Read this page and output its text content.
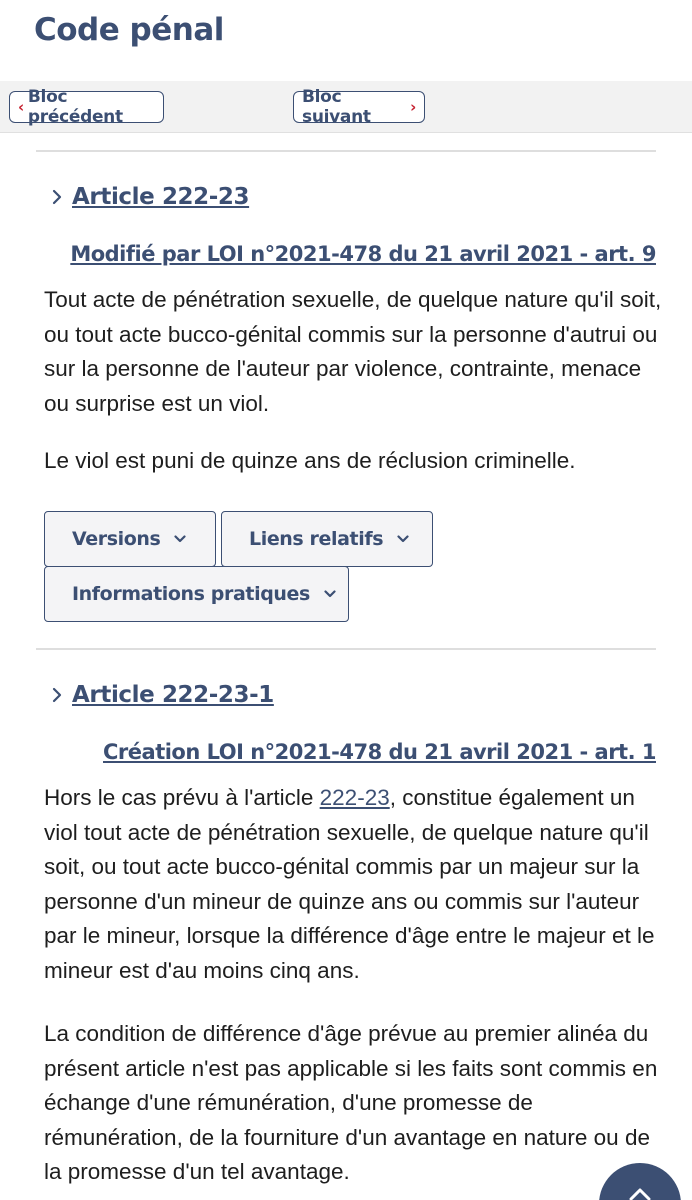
Code pénal
‹ Bloc précédent
Bloc suivant	›
Article 222-23
Modifié par LOI n°2021-478 du 21 avril 2021 - art. 9

Tout acte de pénétration sexuelle, de quelque nature qu'il soit, ou tout acte bucco-génital commis sur la personne d'autrui ou sur la personne de l'auteur par violence, contrainte, menace ou surprise est un viol.

Le viol est puni de quinze ans de réclusion criminelle.

Versions	Liens relatifs
Informations pratiques
Article 222-23-1
Création LOI n°2021-478 du 21 avril 2021 - art. 1

Hors le cas prévu à l'article 222-23, constitue également un viol tout acte de pénétration sexuelle, de quelque nature qu'il soit, ou tout acte bucco-génital commis par un majeur sur la personne d'un mineur de quinze ans ou commis sur l'auteur par le mineur, lorsque la différence d'âge entre le majeur et le mineur est d'au moins cinq ans.

La condition de différence d'âge prévue au premier alinéa du présent article n'est pas applicable si les faits sont commis en échange d'une rémunération, d'une promesse de rémunération, de la fourniture d'un avantage en nature ou de la promesse d'un tel avantage.
